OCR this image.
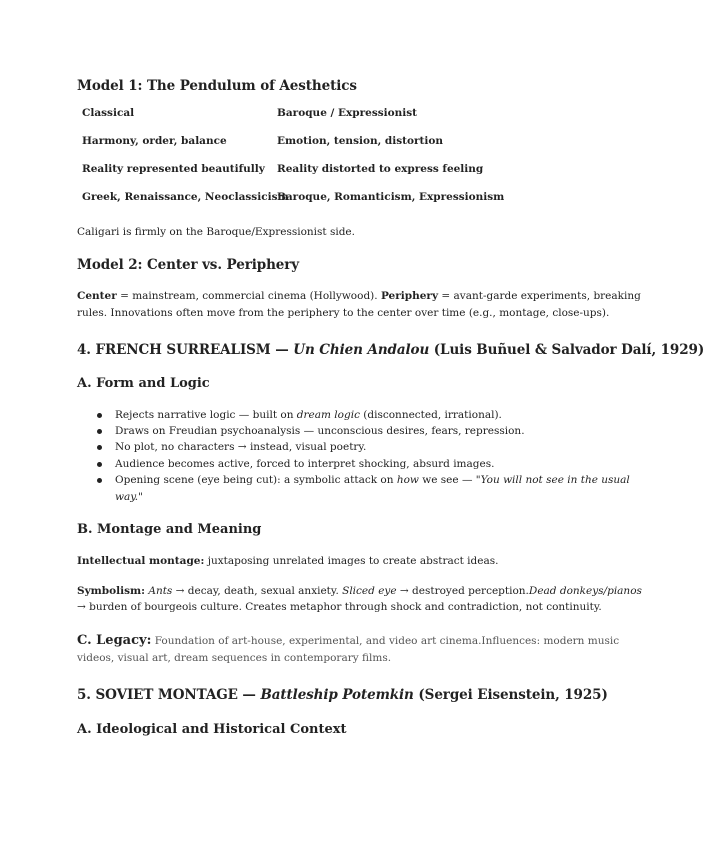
Model 1: The Pendulum of Aesthetics
Classical	Baroque / Expressionist
Harmony, order, balance	Emotion, tension, distortion
Reality represented beautifully Reality distorted to express feeling
Greek, Renaissance, Neoclassicism
Baroque, Romanticism, Expressionism

Caligari is firmly on the Baroque/Expressionist side.

Model 2: Center vs. Periphery

Center = mainstream, commercial cinema (Hollywood). Periphery = avant-garde experiments, breaking

rules. Innovations often move from the periphery to the center over time (e.g., montage, close-ups).

4. FRENCH SURREALISM — Un Chien Andalou (Luis Buñuel & Salvador Dalí, 1929)
A. Form and Logic
Rejects narrative logic — built on dream logic (disconnected, irrational).
Draws on Freudian psychoanalysis — unconscious desires, fears, repression.
No plot, no characters → instead, visual poetry.
Audience becomes active, forced to interpret shocking, absurd images.
Opening scene (eye being cut): a symbolic attack on how we see — "You will not see in the usual
way."
B. Montage and Meaning

Intellectual montage: juxtaposing unrelated images to create abstract ideas.

Symbolism: Ants → decay, death, sexual anxiety. Sliced eye → destroyed perception.Dead donkeys/pianos

→ burden of bourgeois culture. Creates metaphor through shock and contradiction, not continuity.

C. Legacy: Foundation of art-house, experimental, and video art cinema.Influences: modern music

videos, visual art, dream sequences in contemporary films.

5. SOVIET MONTAGE — Battleship Potemkin (Sergei Eisenstein, 1925)
A. Ideological and Historical Context
